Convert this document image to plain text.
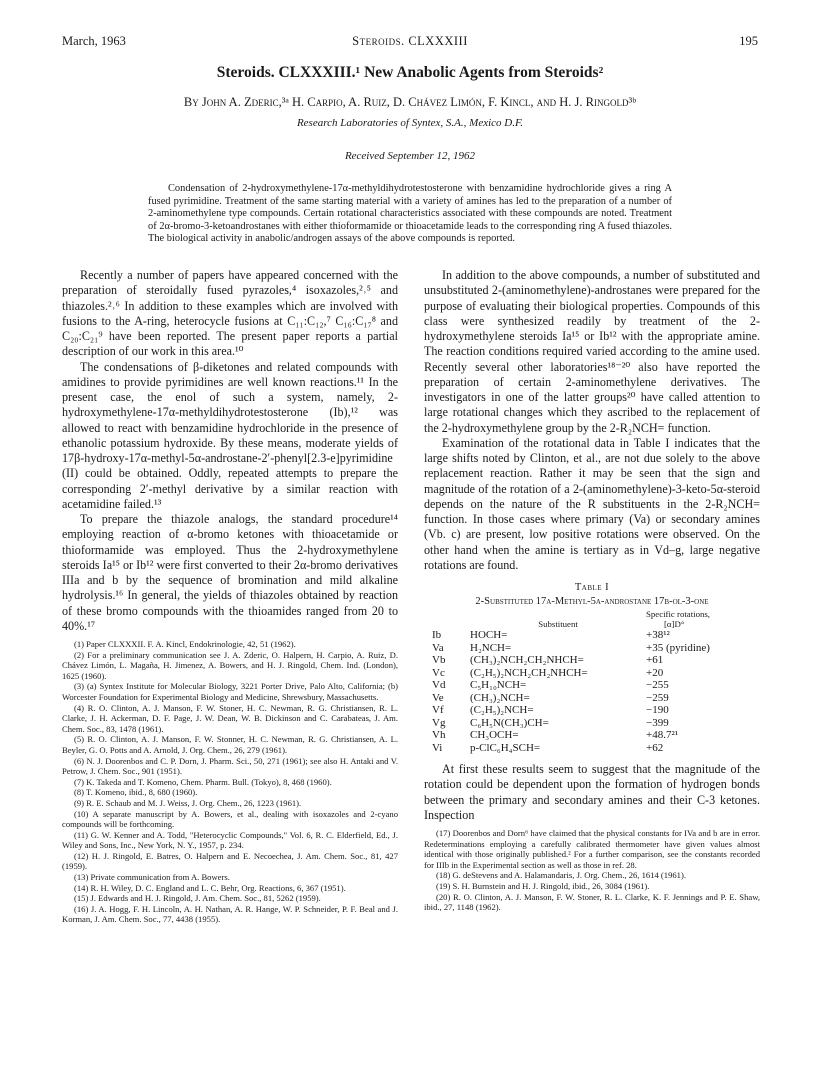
March, 1963	Steroids. CLXXXIII	195
Steroids. CLXXXIII.¹ New Anabolic Agents from Steroids²
By John A. Zderic,³ᵃ H. Carpio, A. Ruiz, D. Chávez Limón, F. Kincl, and H. J. Ringold³ᵇ
Research Laboratories of Syntex, S.A., Mexico D.F.
Received September 12, 1962
Condensation of 2-hydroxymethylene-17α-methyldihydrotestosterone with benzamidine hydrochloride gives a ring A fused pyrimidine. Treatment of the same starting material with a variety of amines has led to the preparation of a number of 2-aminomethylene type compounds. Certain rotational characteristics associated with these compounds are noted. Treatment of 2α-bromo-3-ketoandrostanes with either thioformamide or thioacetamide leads to the corresponding ring A fused thiazoles. The biological activity in anabolic/androgen assays of the above compounds is reported.

Recently a number of papers have appeared concerned with the preparation of steroidally fused pyrazoles,⁴ isoxazoles,²˒⁵ and thiazoles.²˒⁶ In addition to these examples which are involved with fusions to the A-ring, heterocycle fusions at C₁₁:C₁₂,⁷ C₁₆:C₁₇⁸ and C₂₀:C₂₁⁹ have been reported. The present paper reports a partial description of our work in this area.¹⁰

The condensations of β-diketones and related compounds with amidines to provide pyrimidines are well known reactions.¹¹ In the present case, the enol of such a system, namely, 2-hydroxymethylene-17α-methyldihydrotestosterone (Ib),¹² was allowed to react with benzamidine hydrochloride in the presence of ethanolic potassium hydroxide. By these means, moderate yields of 17β-hydroxy-17α-methyl-5α-androstane-2′-phenyl[2.3-e]pyrimidine (II) could be obtained. Oddly, repeated attempts to prepare the corresponding 2′-methyl derivative by a similar reaction with acetamidine failed.¹³

To prepare the thiazole analogs, the standard procedure¹⁴ employing reaction of α-bromo ketones with thioacetamide or thioformamide was employed. Thus the 2-hydroxymethylene steroids Ia¹⁵ or Ib¹² were first converted to their 2α-bromo derivatives IIIa and b by the sequence of bromination and mild alkaline hydrolysis.¹⁶ In general, the yields of thiazoles obtained by reaction of these bromo compounds with the thioamides ranged from 20 to 40%.¹⁷

(1) Paper CLXXXII. F. A. Kincl, Endokrinologie, 42, 51 (1962).

(2) For a preliminary communication see J. A. Zderic, O. Halpern, H. Carpio, A. Ruiz, D. Chávez Limón, L. Magaña, H. Jimenez, A. Bowers, and H. J. Ringold, Chem. Ind. (London), 1625 (1960).

(3) (a) Syntex Institute for Molecular Biology, 3221 Porter Drive, Palo Alto, California; (b) Worcester Foundation for Experimental Biology and Medicine, Shrewsbury, Massachusetts.

(4) R. O. Clinton, A. J. Manson, F. W. Stoner, H. C. Newman, R. G. Christiansen, R. L. Clarke, J. H. Ackerman, D. F. Page, J. W. Dean, W. B. Dickinson and C. Carabateas, J. Am. Chem. Soc., 83, 1478 (1961).

(5) R. O. Clinton, A. J. Manson, F. W. Stonner, H. C. Newman, R. G. Christiansen, A. L. Beyler, G. O. Potts and A. Arnold, J. Org. Chem., 26, 279 (1961).

(6) N. J. Doorenbos and C. P. Dorn, J. Pharm. Sci., 50, 271 (1961); see also H. Antaki and V. Petrow, J. Chem. Soc., 901 (1951).

(7) K. Takeda and T. Komeno, Chem. Pharm. Bull. (Tokyo), 8, 468 (1960).

(8) T. Komeno, ibid., 8, 680 (1960).

(9) R. E. Schaub and M. J. Weiss, J. Org. Chem., 26, 1223 (1961).

(10) A separate manuscript by A. Bowers, et al., dealing with isoxazoles and 2-cyano compounds will be forthcoming.

(11) G. W. Kenner and A. Todd, "Heterocyclic Compounds," Vol. 6, R. C. Elderfield, Ed., J. Wiley and Sons, Inc., New York, N. Y., 1957, p. 234.

(12) H. J. Ringold, E. Batres, O. Halpern and E. Necoechea, J. Am. Chem. Soc., 81, 427 (1959).

(13) Private communication from A. Bowers.

(14) R. H. Wiley, D. C. England and L. C. Behr, Org. Reactions, 6, 367 (1951).

(15) J. Edwards and H. J. Ringold, J. Am. Chem. Soc., 81, 5262 (1959).

(16) J. A. Hogg, F. H. Lincoln, A. H. Nathan, A. R. Hange, W. P. Schneider, P. F. Beal and J. Korman, J. Am. Chem. Soc., 77, 4438 (1955).

In addition to the above compounds, a number of substituted and unsubstituted 2-(aminomethylene)-androstanes were prepared for the purpose of evaluating their biological properties. Compounds of this class were synthesized readily by treatment of the 2-hydroxymethylene steroids Ia¹⁵ or Ib¹² with the appropriate amine. The reaction conditions required varied according to the amine used. Recently several other laboratories¹⁸⁻²⁰ also have reported the preparation of certain 2-aminomethylene derivatives. The investigators in one of the latter groups²⁰ have called attention to large rotational changes which they ascribed to the replacement of the 2-hydroxymethylene group by the 2-R₂NCH= function.

Examination of the rotational data in Table I indicates that the large shifts noted by Clinton, et al., are not due solely to the above replacement reaction. Rather it may be seen that the sign and magnitude of the rotation of a 2-(aminomethylene)-3-keto-5α-steroid depends on the nature of the R substituents in the 2-R₂NCH= function. In those cases where primary (Va) or secondary amines (Vb. c) are present, low positive rotations were observed. On the other hand when the amine is tertiary as in Vd–g, large negative rotations are found.

Table I
2-Substituted 17α-Methyl-5α-androstane 17β-ol-3-one
	Substituent	Specific rotations,
[α]D°

Ib	HOCH=	+38¹²
Va	H₂NCH=	+35 (pyridine)
Vb	(CH₃)₂NCH₂CH₂NHCH=	+61
Vc	(C₂H₅)₂NCH₂CH₂NHCH=	+20
Vd	C₅H₁₀NCH=	−255
Ve	(CH₃)₂NCH=	−259
Vf	(C₂H₅)₂NCH=	−190
Vg	C₆H₅N(CH₃)CH=	−399
Vh	CH₃OCH=	+48.7²¹
Vi	p-ClC₆H₄SCH=	+62

At first these results seem to suggest that the magnitude of the rotation could be dependent upon the formation of hydrogen bonds between the primary and secondary amines and their C-3 ketones. Inspection

(17) Doorenbos and Dorn⁶ have claimed that the physical constants for IVa and b are in error. Redeterminations employing a carefully calibrated thermometer have given values almost identical with those originally published.² For a further comparison, see the constants recorded for IIIb in the Experimental section as well as those in ref. 28.

(18) G. deStevens and A. Halamandaris, J. Org. Chem., 26, 1614 (1961).

(19) S. H. Burnstein and H. J. Ringold, ibid., 26, 3084 (1961).

(20) R. O. Clinton, A. J. Manson, F. W. Stoner, R. L. Clarke, K. F. Jennings and P. E. Shaw, ibid., 27, 1148 (1962).
